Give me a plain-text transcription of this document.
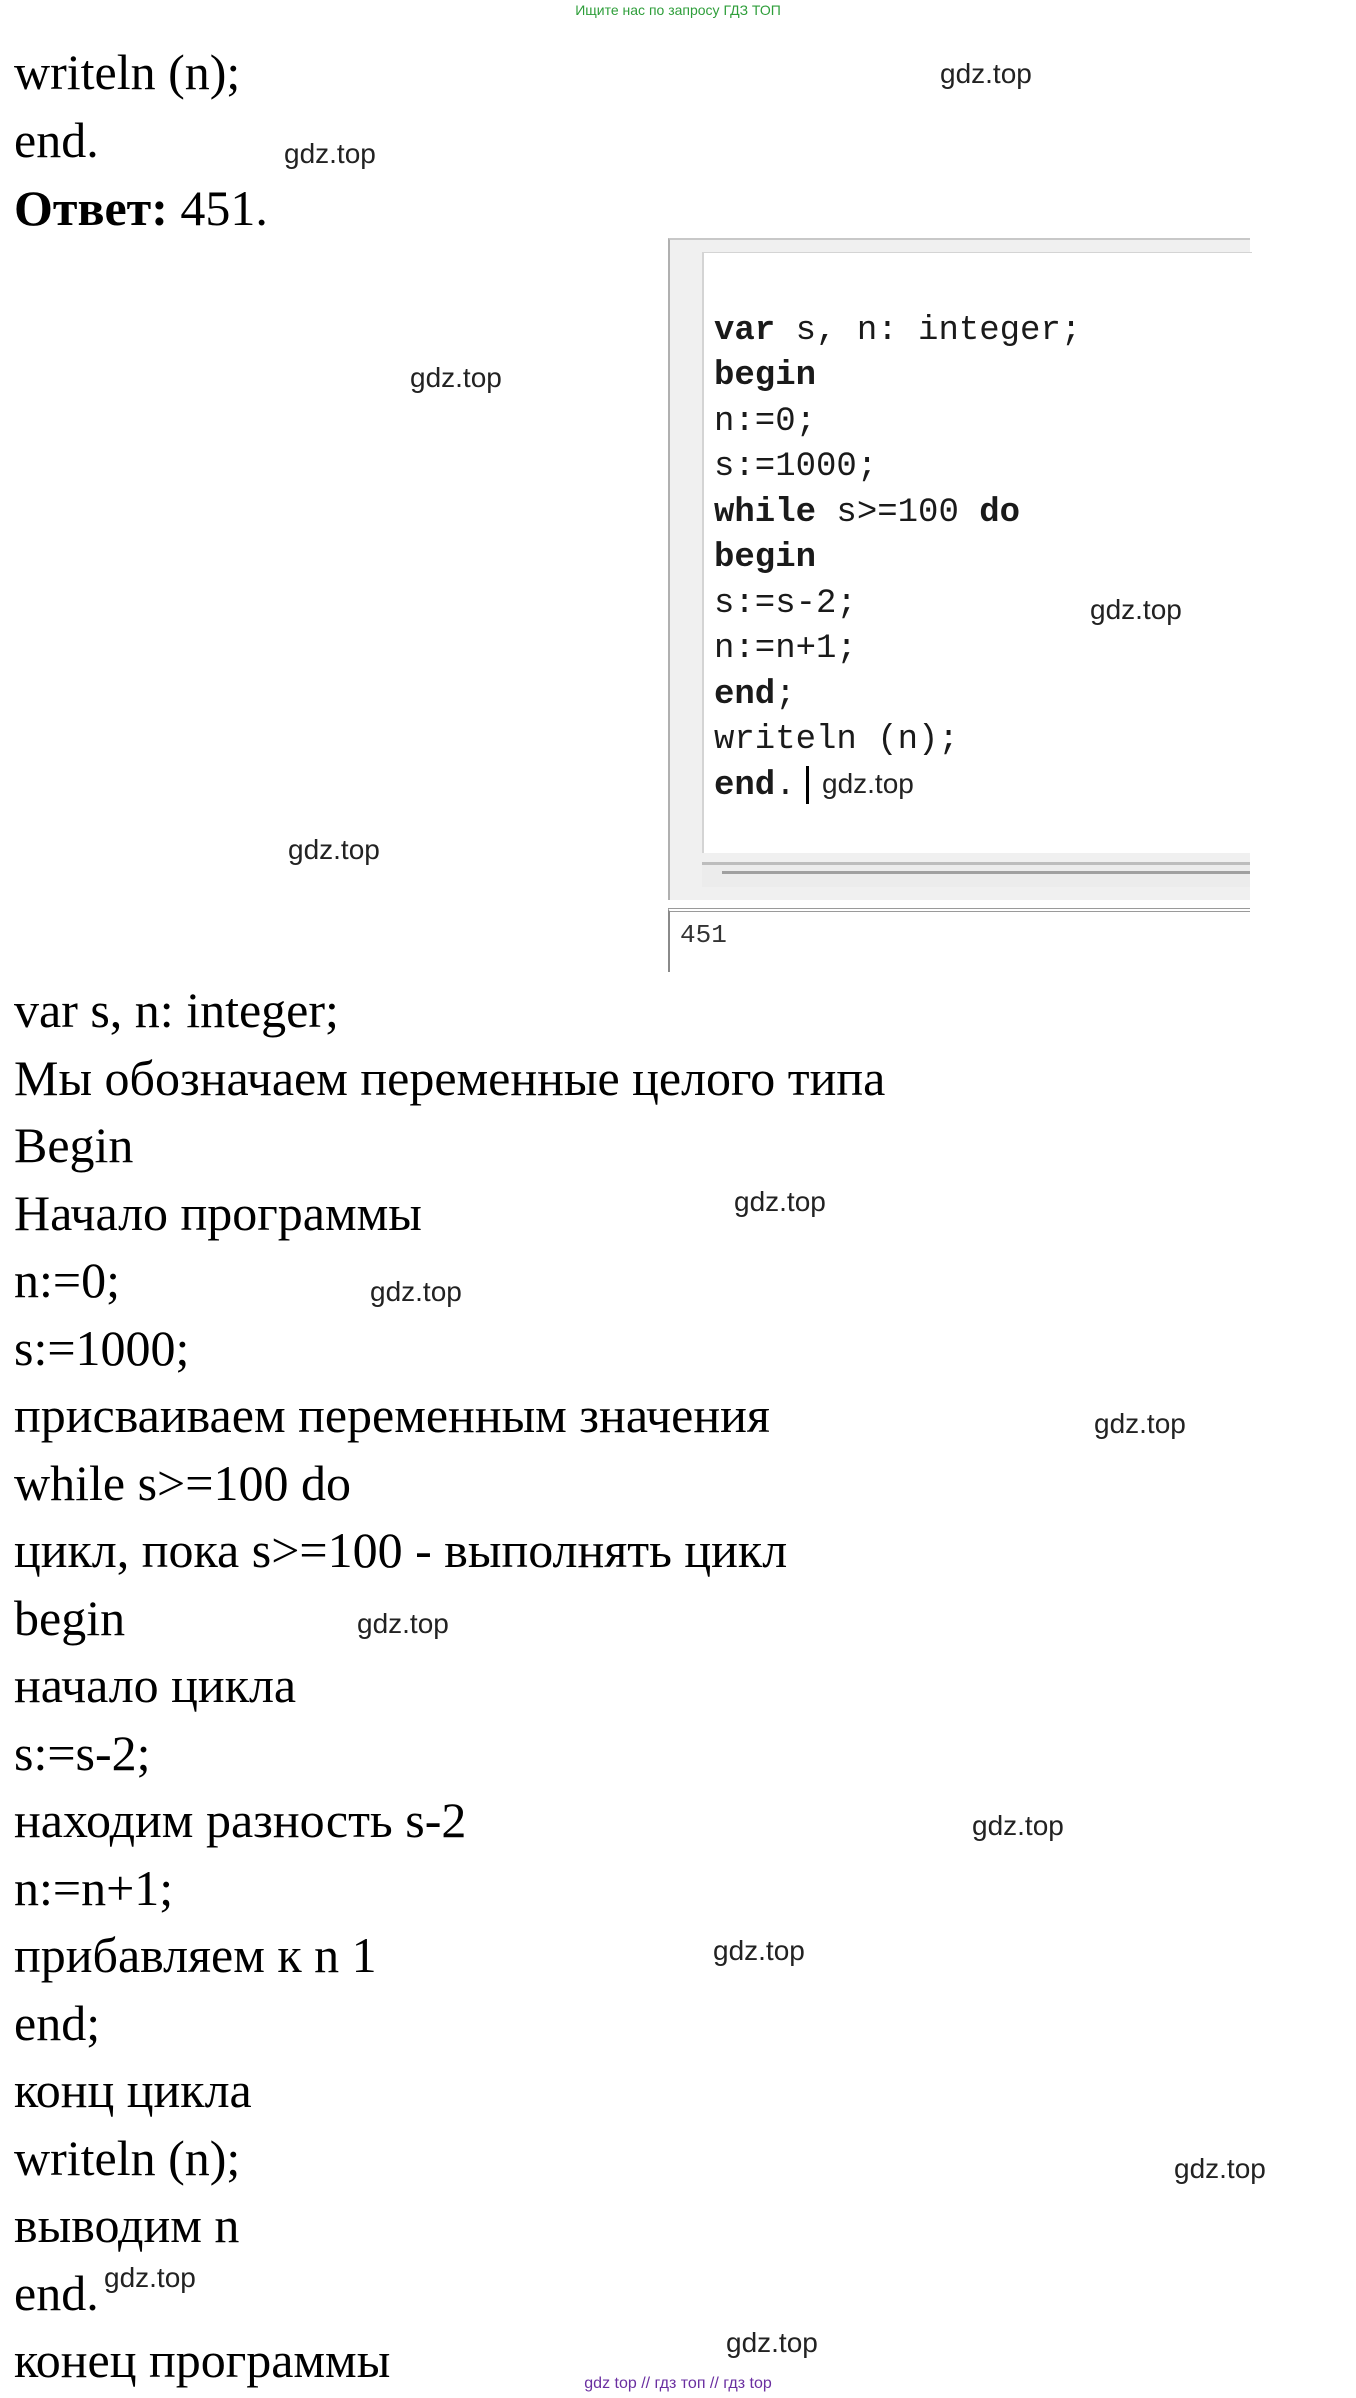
Ищите нас по запросу ГДЗ ТОП
writeln (n);
end.
Ответ: 451.

var s, n: integer;
begin
n:=0;
s:=1000;
while s>=100 do
begin
s:=s-2;
n:=n+1;
end;
writeln (n);
end.

451
var s, n: integer;
Мы обозначаем переменные целого типа
Begin
Начало программы
n:=0;
s:=1000;
присваиваем переменным значения
while s>=100 do
цикл, пока s>=100 - выполнять цикл
begin
начало цикла
s:=s-2;
находим разность s-2
n:=n+1;
прибавляем к n 1
end;
конц цикла
writeln (n);
выводим n
end.
конец программы
gdz.top
gdz.top
gdz.top
gdz.top
gdz.top
gdz.top
gdz.top
gdz.top
gdz.top
gdz.top
gdz.top
gdz.top
gdz.top
gdz.top
gdz.top
gdz top // гдз топ // гдз top
